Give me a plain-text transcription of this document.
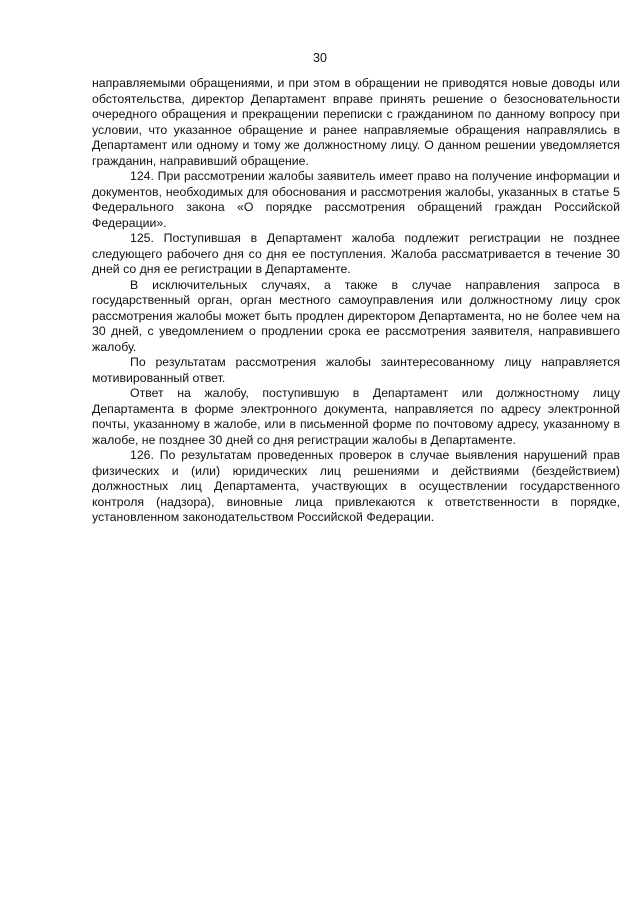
30

направляемыми обращениями, и при этом в обращении не приводятся новые доводы или обстоятельства, директор Департамент вправе принять решение о безосновательности очередного обращения и прекращении переписки с гражданином по данному вопросу при условии, что указанное обращение и ранее направляемые обращения направлялись в Департамент или одному и тому же должностному лицу. О данном решении уведомляется гражданин, направивший обращение.

124. При рассмотрении жалобы заявитель имеет право на получение информации и документов, необходимых для обоснования и рассмотрения жалобы, указанных в статье 5 Федерального закона «О порядке рассмотрения обращений граждан Российской Федерации».

125. Поступившая в Департамент жалоба подлежит регистрации не позднее следующего рабочего дня со дня ее поступления. Жалоба рассматривается в течение 30 дней со дня ее регистрации в Департаменте.

В исключительных случаях, а также в случае направления запроса в государственный орган, орган местного самоуправления или должностному лицу срок рассмотрения жалобы может быть продлен директором Департамента, но не более чем на 30 дней, с уведомлением о продлении срока ее рассмотрения заявителя, направившего жалобу.

По результатам рассмотрения жалобы заинтересованному лицу направляется мотивированный ответ.

Ответ на жалобу, поступившую в Департамент или должностному лицу Департамента в форме электронного документа, направляется по адресу электронной почты, указанному в жалобе, или в письменной форме по почтовому адресу, указанному в жалобе, не позднее 30 дней со дня регистрации жалобы в Департаменте.

126. По результатам проведенных проверок в случае выявления нарушений прав физических и (или) юридических лиц решениями и действиями (бездействием) должностных лиц Департамента, участвующих в осуществлении государственного контроля (надзора), виновные лица привлекаются к ответственности в порядке, установленном законодательством Российской Федерации.
